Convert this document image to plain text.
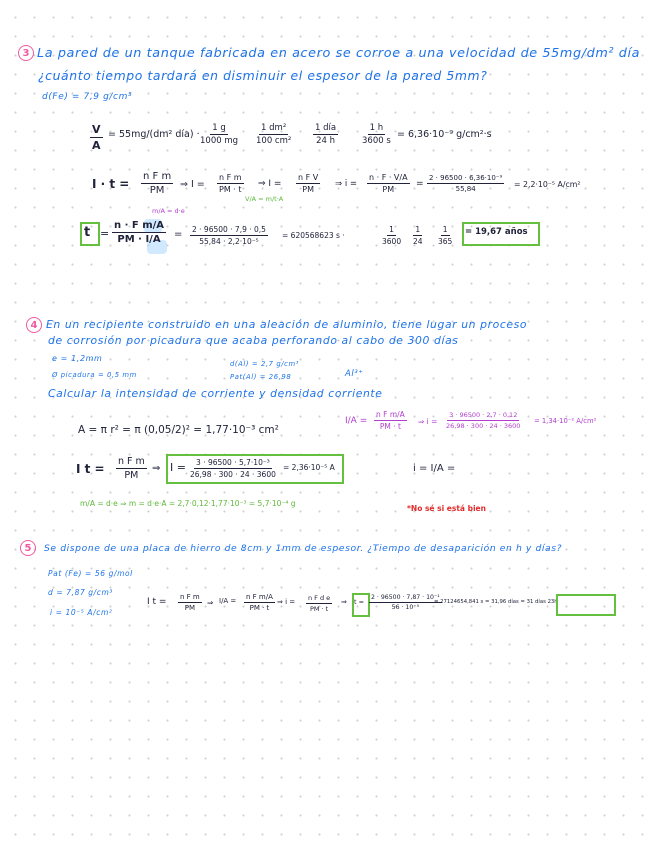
3 La pared de un tanque fabricada en acero se corroe a una velocidad de 55mg/dm² día
¿cuánto tiempo tardará en disminuir el espesor de la pared 5mm?
d(Fe) = 7,9 g/cm³
$\frac{V}{A} = 55mg/(dm^2$ día) · $\frac{1 g}{1000 mg} \frac{\text{1 dm²}}{\text{100 cm²}}$	1 día
24 h	$\frac{1 h}{3600 s} = 6,36\cdot 10^{-9}$ g/cm²·s
$I \cdot t = \frac{\text{n F m}}{PM}$ ⇒ $I = \frac{\text{n F m}}{PM \cdot t}$ ⇒ $I = \frac{\text{n F V}}{PM}$ ⇒ $i = \frac{n \cdot F \cdot V/A}{PM} = \frac{\text{2 · 96500 · 6,36·10⁻⁹}}{55,84} = 2,2\cdot 10^{-5}$ A/cm²
V/A = m/t·A
$t = \frac{\text{n · F m/A}}{PM \cdot I/A}$
m/A = d·e
= $\frac{2 \cdot 96500 \cdot 7,9 \cdot 0,5}{\text{55,84 · 2,2·10⁻⁵}} = 620568623$ s ·	$\frac{1}{3600} \frac{1}{24} \frac{1}{365} = 19,67$ años
4 En un recipiente construido en una aleación de aluminio, tiene lugar un proceso
de corrosión por picadura que acaba perforando al cabo de 300 días
e = 1,2mm
Ø picadura = 0,5 mm
d(Al) = 2,7 g/cm³
Pat(Al) = 26,98	Al³⁺
Calcular la intensidad de corriente y densidad corriente
A = π r² = π (0,05/2)² = 1,77·10⁻³ cm²
I $t = \frac{\text{n F m}}{PM}$ ⇒ $I = \frac{\text{3 · 96500 · 5,7·10⁻³}}{26,98 \cdot 300 \cdot 24 \cdot 3600} = 2,36\cdot 10^{-5}$ A
m/A = d·e ⇒ m = d·e·A = 2,7·0,12·1,77·10⁻³ = 5,7·10⁻⁴ g
$I/A = \frac{\text{n F m/A}}{PM \cdot t}$ ⇒ $i = \frac{3 \cdot 96500 \cdot 2,7 \cdot 0,12}{26,98 \cdot 300 \cdot 24 \cdot 3600} = 1,34\cdot 10^{-2}$ A/cm²
i = I/A =
*No sé si está bien
5	Se dispone de una placa de hierro de 8cm y 1mm de espesor. ¿Tiempo de desaparición en h y días?
Pat (Fe) = 56 g/mol
d = 7,87 g/cm³
i = 10⁻⁵ A/cm²
I $t = \frac{\text{n F m}}{PM}$ ⇒ $I/A = \frac{\text{n F m/A}}{PM \cdot t}$ ⇒ $i = \frac{\text{n F d e}}{PM \cdot t}$ ⇒ $t = \frac{\text{2 · 96500 · 7,87 · 10⁻¹}}{\text{56 · 10⁻⁵}}$
= 27124654,841 s = 31,96 días = 31 días 23h
